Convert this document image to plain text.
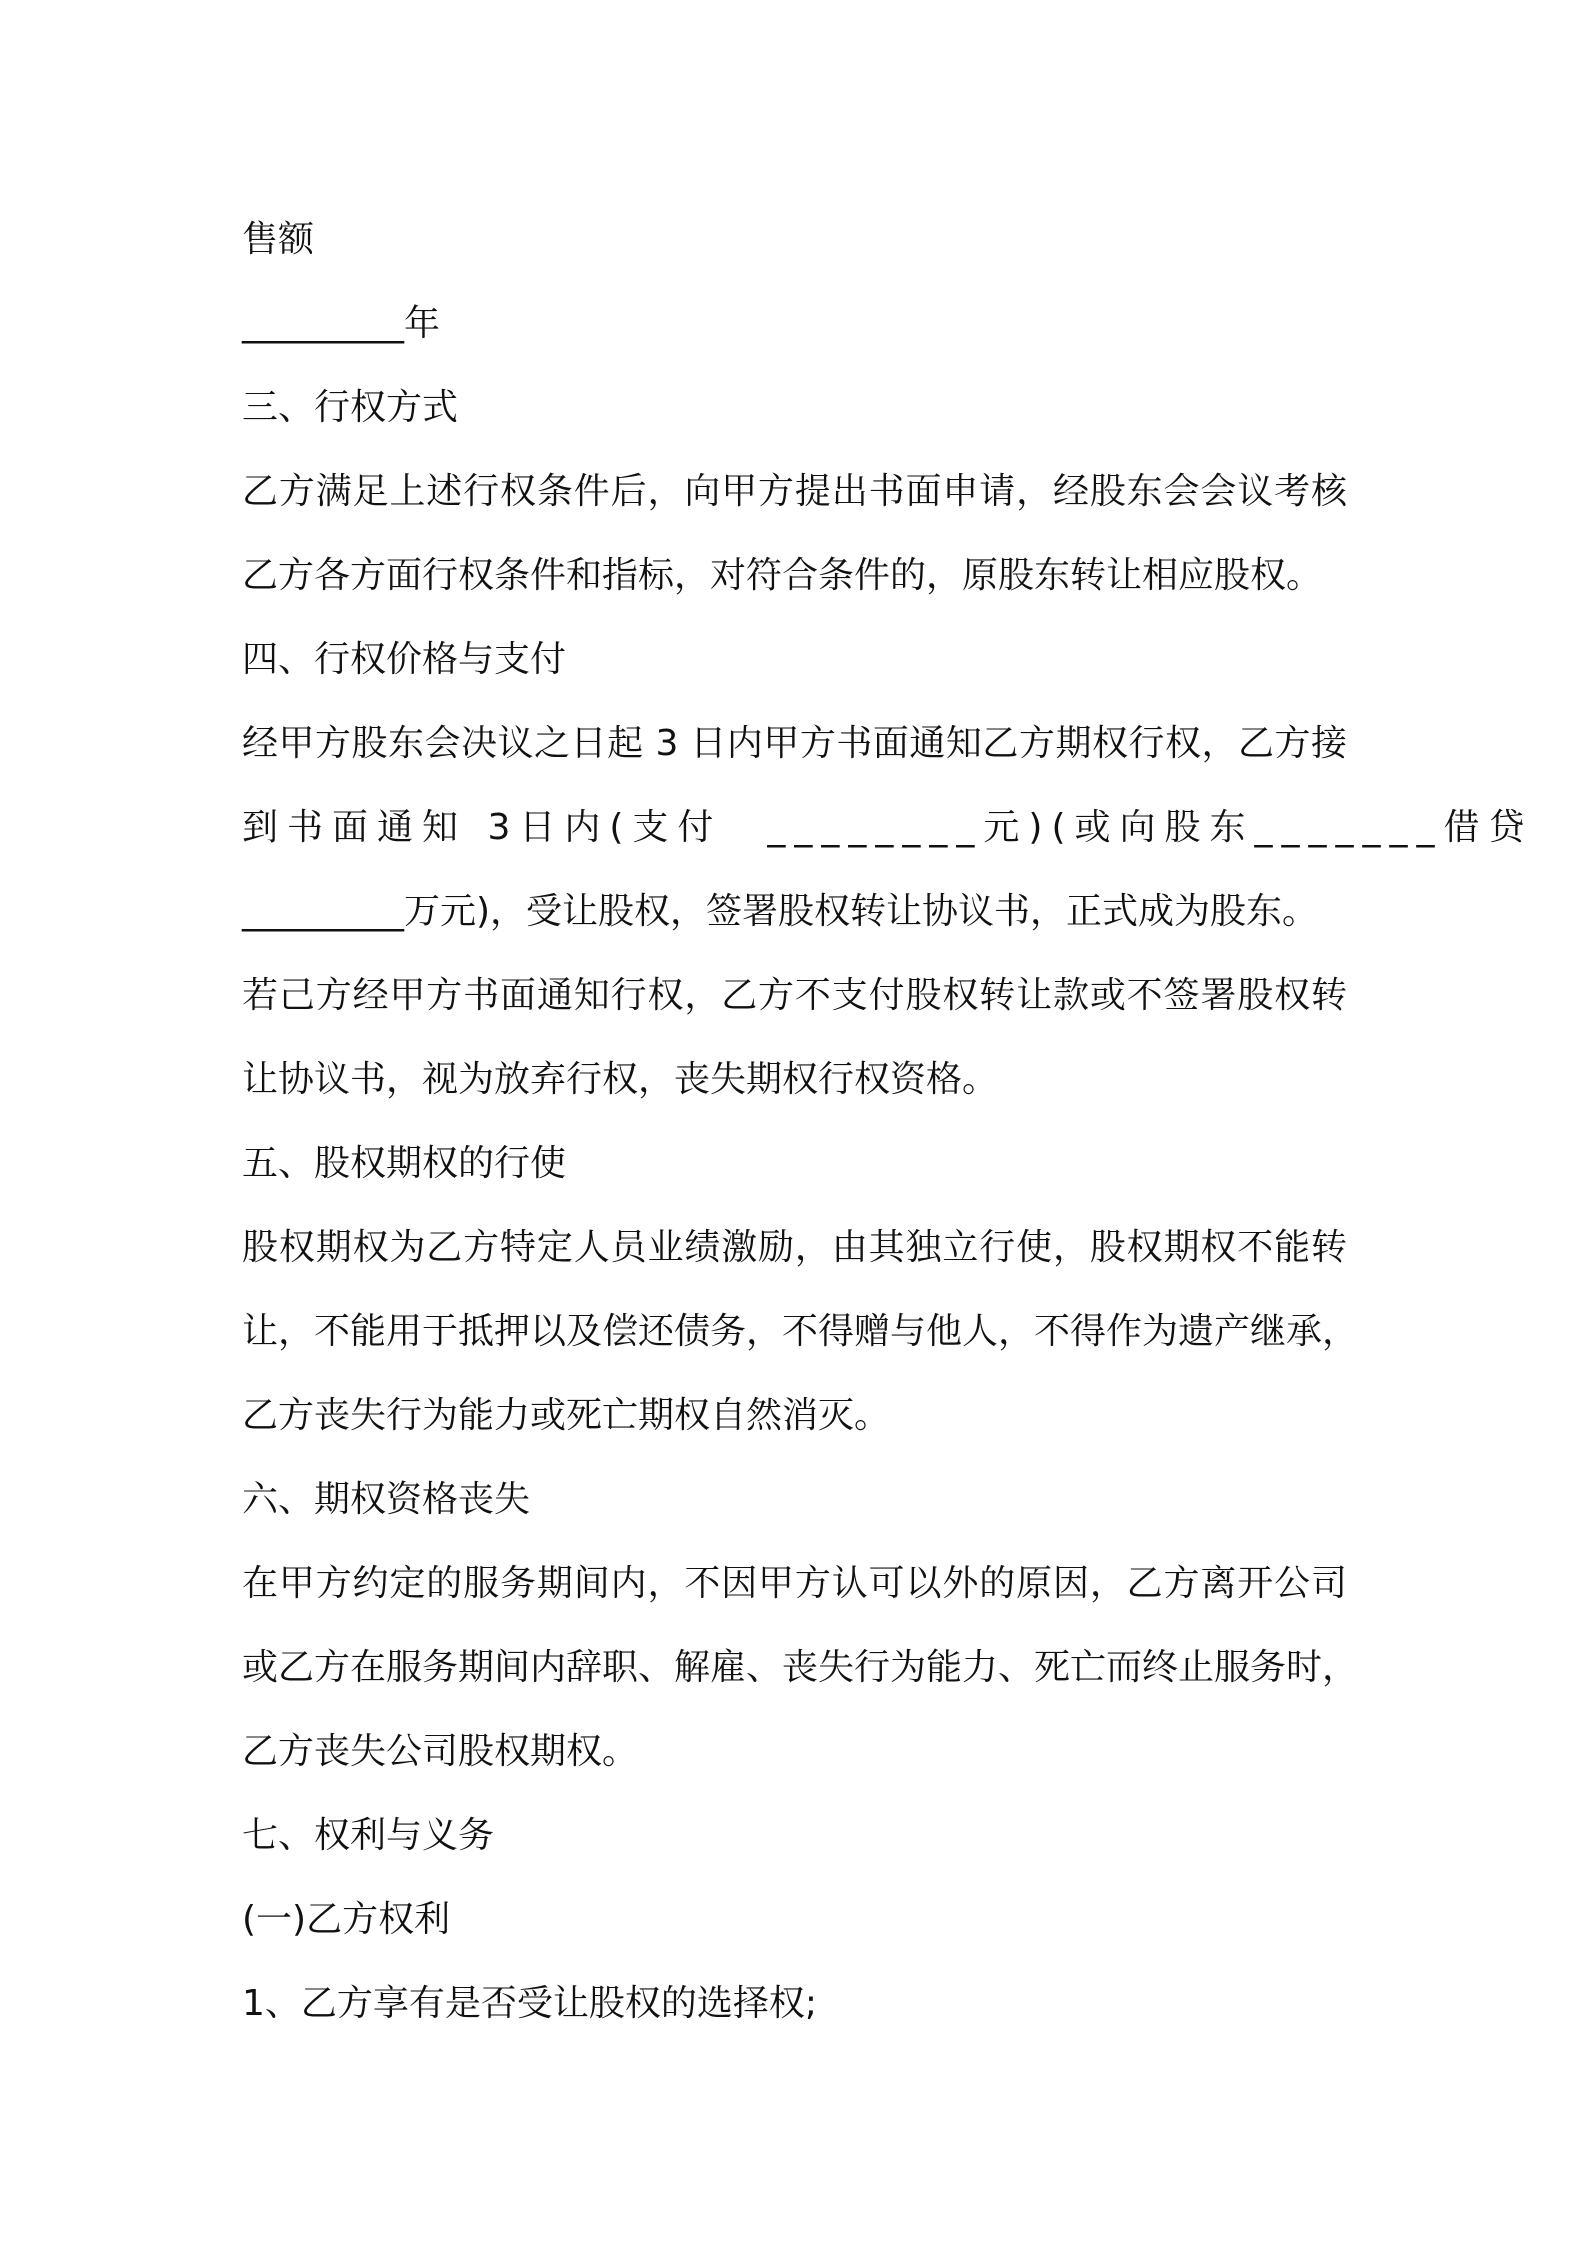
售额
_________年
三、行权方式
乙方满足上述行权条件后，向甲方提出书面申请，经股东会会议考核
乙方各方面行权条件和指标，对符合条件的，原股东转让相应股权。
四、行权价格与支付
经甲方股东会决议之日起 3 日内甲方书面通知乙方期权行权，乙方接
到书面通知 3日内(支付　________元)(或向股东_______借贷
_________万元)，受让股权，签署股权转让协议书，正式成为股东。
若己方经甲方书面通知行权，乙方不支付股权转让款或不签署股权转
让协议书，视为放弃行权，丧失期权行权资格。
五、股权期权的行使
股权期权为乙方特定人员业绩激励，由其独立行使，股权期权不能转
让，不能用于抵押以及偿还债务，不得赠与他人，不得作为遗产继承，
乙方丧失行为能力或死亡期权自然消灭。
六、期权资格丧失
在甲方约定的服务期间内，不因甲方认可以外的原因，乙方离开公司
或乙方在服务期间内辞职、解雇、丧失行为能力、死亡而终止服务时，
乙方丧失公司股权期权。
七、权利与义务
(一)乙方权利
1、乙方享有是否受让股权的选择权;
